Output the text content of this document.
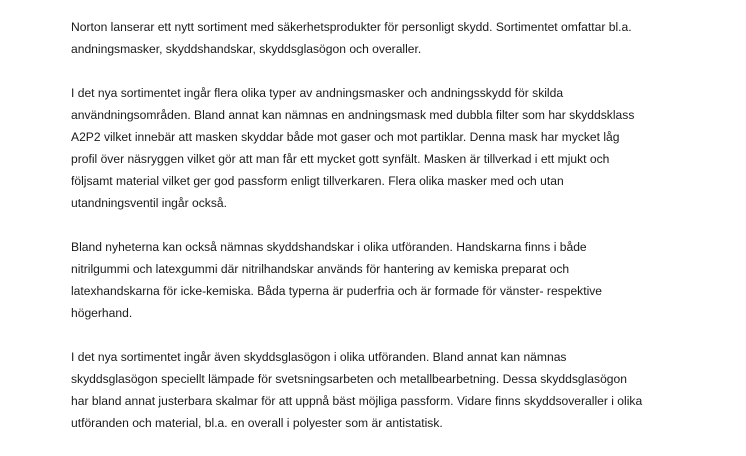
Norton lanserar ett nytt sortiment med säkerhetsprodukter för personligt skydd. Sortimentet omfattar bl.a.
andningsmasker, skyddshandskar, skyddsglasögon och overaller.

I det nya sortimentet ingår flera olika typer av andningsmasker och andningsskydd för skilda
användningsområden. Bland annat kan nämnas en andningsmask med dubbla filter som har skyddsklass
A2P2 vilket innebär att masken skyddar både mot gaser och mot partiklar. Denna mask har mycket låg
profil över näsryggen vilket gör att man får ett mycket gott synfält. Masken är tillverkad i ett mjukt och
följsamt material vilket ger god passform enligt tillverkaren. Flera olika masker med och utan
utandningsventil ingår också.

Bland nyheterna kan också nämnas skyddshandskar i olika utföranden. Handskarna finns i både
nitrilgummi och latexgummi där nitrilhandskar används för hantering av kemiska preparat och
latexhandskarna för icke-kemiska. Båda typerna är puderfria och är formade för vänster- respektive
högerhand.

I det nya sortimentet ingår även skyddsglasögon i olika utföranden. Bland annat kan nämnas
skyddsglasögon speciellt lämpade för svetsningsarbeten och metallbearbetning. Dessa skyddsglasögon
har bland annat justerbara skalmar för att uppnå bäst möjliga passform. Vidare finns skyddsoveraller i olika
utföranden och material, bl.a. en overall i polyester som är antistatisk.
